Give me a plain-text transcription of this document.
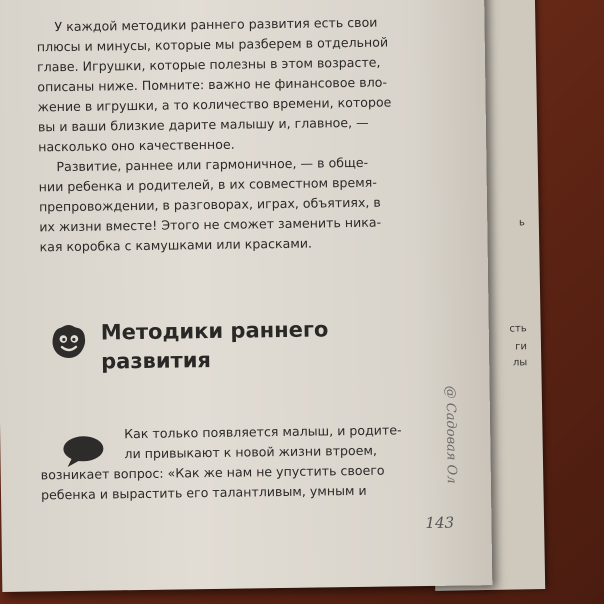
ь
сть
ги
лы
У каждой методики раннего развития есть свои
плюсы и минусы, которые мы разберем в отдельной
главе. Игрушки, которые полезны в этом возрасте,
описаны ниже. Помните: важно не финансовое вло-
жение в игрушки, а то количество времени, которое
вы и ваши близкие дарите малышу и, главное, —
насколько оно качественное.
Развитие, раннее или гармоничное, — в обще-
нии ребенка и родителей, в их совместном время-
препровождении, в разговорах, играх, объятиях, в
их жизни вместе! Этого не сможет заменить ника-
кая коробка с камушками или красками.
Методики раннего
развития
Как только появляется малыш, и родите-
ли привыкают к новой жизни втроем,
возникает вопрос: «Как же нам не упустить своего
ребенка и вырастить его талантливым, умным и
@ Садовая Ол
143
